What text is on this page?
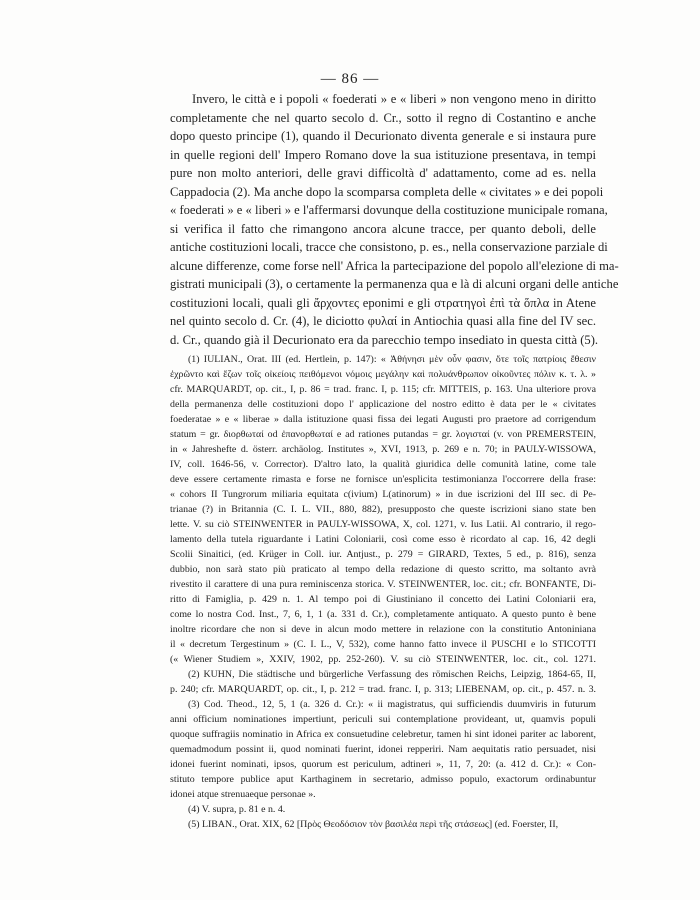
— 86 —
Invero, le città e i popoli « foederati » e « liberi » non vengono meno in diritto
completamente che nel quarto secolo d. Cr., sotto il regno di Costantino e anche
dopo questo principe (1), quando il Decurionato diventa generale e si instaura pure
in quelle regioni dell' Impero Romano dove la sua istituzione presentava, in tempi
pure non molto anteriori, delle gravi difficoltà d' adattamento, come ad es. nella
Cappadocia (2). Ma anche dopo la scomparsa completa delle « civitates » e dei popoli
« foederati » e « liberi » e l'affermarsi dovunque della costituzione municipale romana,
si verifica il fatto che rimangono ancora alcune tracce, per quanto deboli, delle
antiche costituzioni locali, tracce che consistono, p. es., nella conservazione parziale di
alcune differenze, come forse nell' Africa la partecipazione del popolo all'elezione di ma-
gistrati municipali (3), o certamente la permanenza qua e là di alcuni organi delle antiche
costituzioni locali, quali gli ἄρχοντες eponimi e gli στρατηγοὶ ἐπὶ τὰ ὅπλα in Atene
nel quinto secolo d. Cr. (4), le diciotto φυλαί in Antiochia quasi alla fine del IV sec.
d. Cr., quando già il Decurionato era da parecchio tempo insediato in questa città (5).
(1) IULIAN., Orat. III (ed. Hertlein, p. 147): « Ἀθήνησι μὲν οὖν φασιν, ὅτε τοῖς πατρίοις ἔθεσιν
ἐχρῶντο καὶ ἔζων τοῖς οἰκείοις πειθόμενοι νόμοις μεγάλην καὶ πολυάνθρωπον οἰκοῦντες πόλιν κ. τ. λ. »
cfr. MARQUARDT, op. cit., I, p. 86 = trad. franc. I, p. 115; cfr. MITTEIS, p. 163. Una ulteriore prova
della permanenza delle costituzioni dopo l' applicazione del nostro editto è data per le « civitates
foederatae » e « liberae » dalla istituzione quasi fissa dei legati Augusti pro praetore ad corrigendum
statum = gr. διορθωταί od ἐπανορθωταί e ad rationes putandas = gr. λογισταί (v. von PREMERSTEIN,
in « Jahreshefte d. österr. archäolog. Institutes », XVI, 1913, p. 269 e n. 70; in PAULY-WISSOWA,
IV, coll. 1646-56, v. Corrector). D'altro lato, la qualità giuridica delle comunità latine, come tale
deve essere certamente rimasta e forse ne fornisce un'esplicita testimonianza l'occorrere della frase:
« cohors II Tungrorum miliaria equitata c(ivium) L(atinorum) » in due iscrizioni del III sec. di Pe-
trianae (?) in Britannia (C. I. L. VII., 880, 882), presupposto che queste iscrizioni siano state ben
lette. V. su ciò STEINWENTER in PAULY-WISSOWA, X, col. 1271, v. Ius Latii. Al contrario, il rego-
lamento della tutela riguardante i Latini Coloniarii, così come esso è ricordato al cap. 16, 42 degli
Scolii Sinaitici, (ed. Krüger in Coll. iur. Antjust., p. 279 = GIRARD, Textes, 5 ed., p. 816), senza
dubbio, non sarà stato più praticato al tempo della redazione di questo scritto, ma soltanto avrà
rivestito il carattere di una pura reminiscenza storica. V. STEINWENTER, loc. cit.; cfr. BONFANTE, Di-
ritto di Famiglia, p. 429 n. 1. Al tempo poi di Giustiniano il concetto dei Latini Coloniarii era,
come lo nostra Cod. Inst., 7, 6, 1, 1 (a. 331 d. Cr.), completamente antiquato. A questo punto è bene
inoltre ricordare che non si deve in alcun modo mettere in relazione con la constitutio Antoniniana
il « decretum Tergestinum » (C. I. L., V, 532), come hanno fatto invece il PUSCHI e lo STICOTTI
(« Wiener Studiem », XXIV, 1902, pp. 252-260). V. su ciò STEINWENTER, loc. cit., col. 1271.
(2) KUHN, Die städtische und bürgerliche Verfassung des römischen Reichs, Leipzig, 1864-65, II,
p. 240; cfr. MARQUARDT, op. cit., I, p. 212 = trad. franc. I, p. 313; LIEBENAM, op. cit., p. 457. n. 3.
(3) Cod. Theod., 12, 5, 1 (a. 326 d. Cr.): « ii magistratus, qui sufficiendis duumviris in futurum
anni officium nominationes impertiunt, periculi sui contemplatione provideant, ut, quamvis populi
quoque suffragiis nominatio in Africa ex consuetudine celebretur, tamen hi sint idonei pariter ac laborent,
quemadmodum possint ii, quod nominati fuerint, idonei repperiri. Nam aequitatis ratio persuadet, nisi
idonei fuerint nominati, ipsos, quorum est periculum, adtineri », 11, 7, 20: (a. 412 d. Cr.): « Con-
stituto tempore publice aput Karthaginem in secretario, admisso populo, exactorum ordinabuntur
idonei atque strenuaeque personae ».
(4) V. supra, p. 81 e n. 4.
(5) LIBAN., Orat. XIX, 62 [Πρὸς Θεοδόσιον τὸν βασιλέα περὶ τῆς στάσεως] (ed. Foerster, II,
